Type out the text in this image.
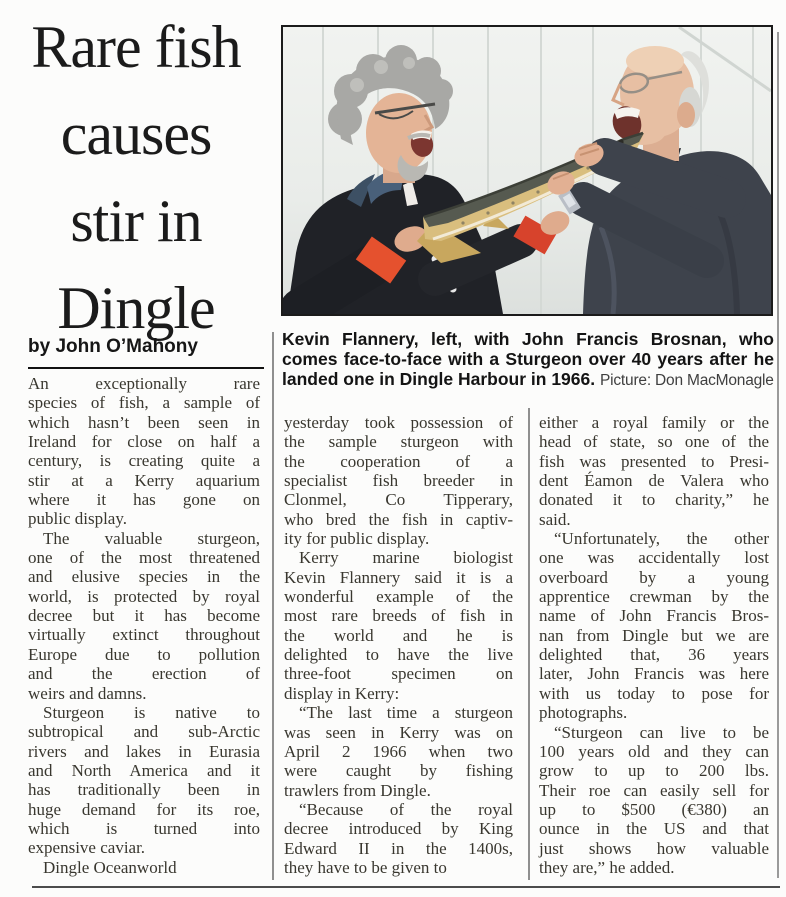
Rare fish
causes
stir in
Dingle
by John O’Mahony	Kevin Flannery, left, with John Francis Brosnan, who
comes face-to-face with a Sturgeon over 40 years after he
landed one in Dingle Harbour in 1966. Picture: Don MacMonagle
An exceptionally rare
species of fish, a sample of
which hasn’t been seen in
Ireland for close on half a
century, is creating quite a
stir at a Kerry aquarium
where it has gone on
public display.
The valuable sturgeon,
one of the most threatened
and elusive species in the
world, is protected by royal
decree but it has become
virtually extinct throughout
Europe due to pollution
and the erection of
weirs and damns.
Sturgeon is native to
subtropical and sub-Arctic
rivers and lakes in Eurasia
and North America and it
has traditionally been in
huge demand for its roe,
which is turned into
expensive caviar.
Dingle Oceanworld
yesterday took possession of
the sample sturgeon with
the cooperation of a
specialist fish breeder in
Clonmel, Co Tipperary,
who bred the fish in captiv-
ity for public display.
Kerry marine biologist
Kevin Flannery said it is a
wonderful example of the
most rare breeds of fish in
the world and he is
delighted to have the live
three-foot specimen on
display in Kerry:
“The last time a sturgeon
was seen in Kerry was on
April 2 1966 when two
were caught by fishing
trawlers from Dingle.
“Because of the royal
decree introduced by King
Edward II in the 1400s,
they have to be given to
either a royal family or the
head of state, so one of the
fish was presented to Presi-
dent Éamon de Valera who
donated it to charity,” he
said.
“Unfortunately, the other
one was accidentally lost
overboard by a young
apprentice crewman by the
name of John Francis Bros-
nan from Dingle but we are
delighted that, 36 years
later, John Francis was here
with us today to pose for
photographs.
“Sturgeon can live to be
100 years old and they can
grow to up to 200 lbs.
Their roe can easily sell for
up to $500 (€380) an
ounce in the US and that
just shows how valuable
they are,” he added.
